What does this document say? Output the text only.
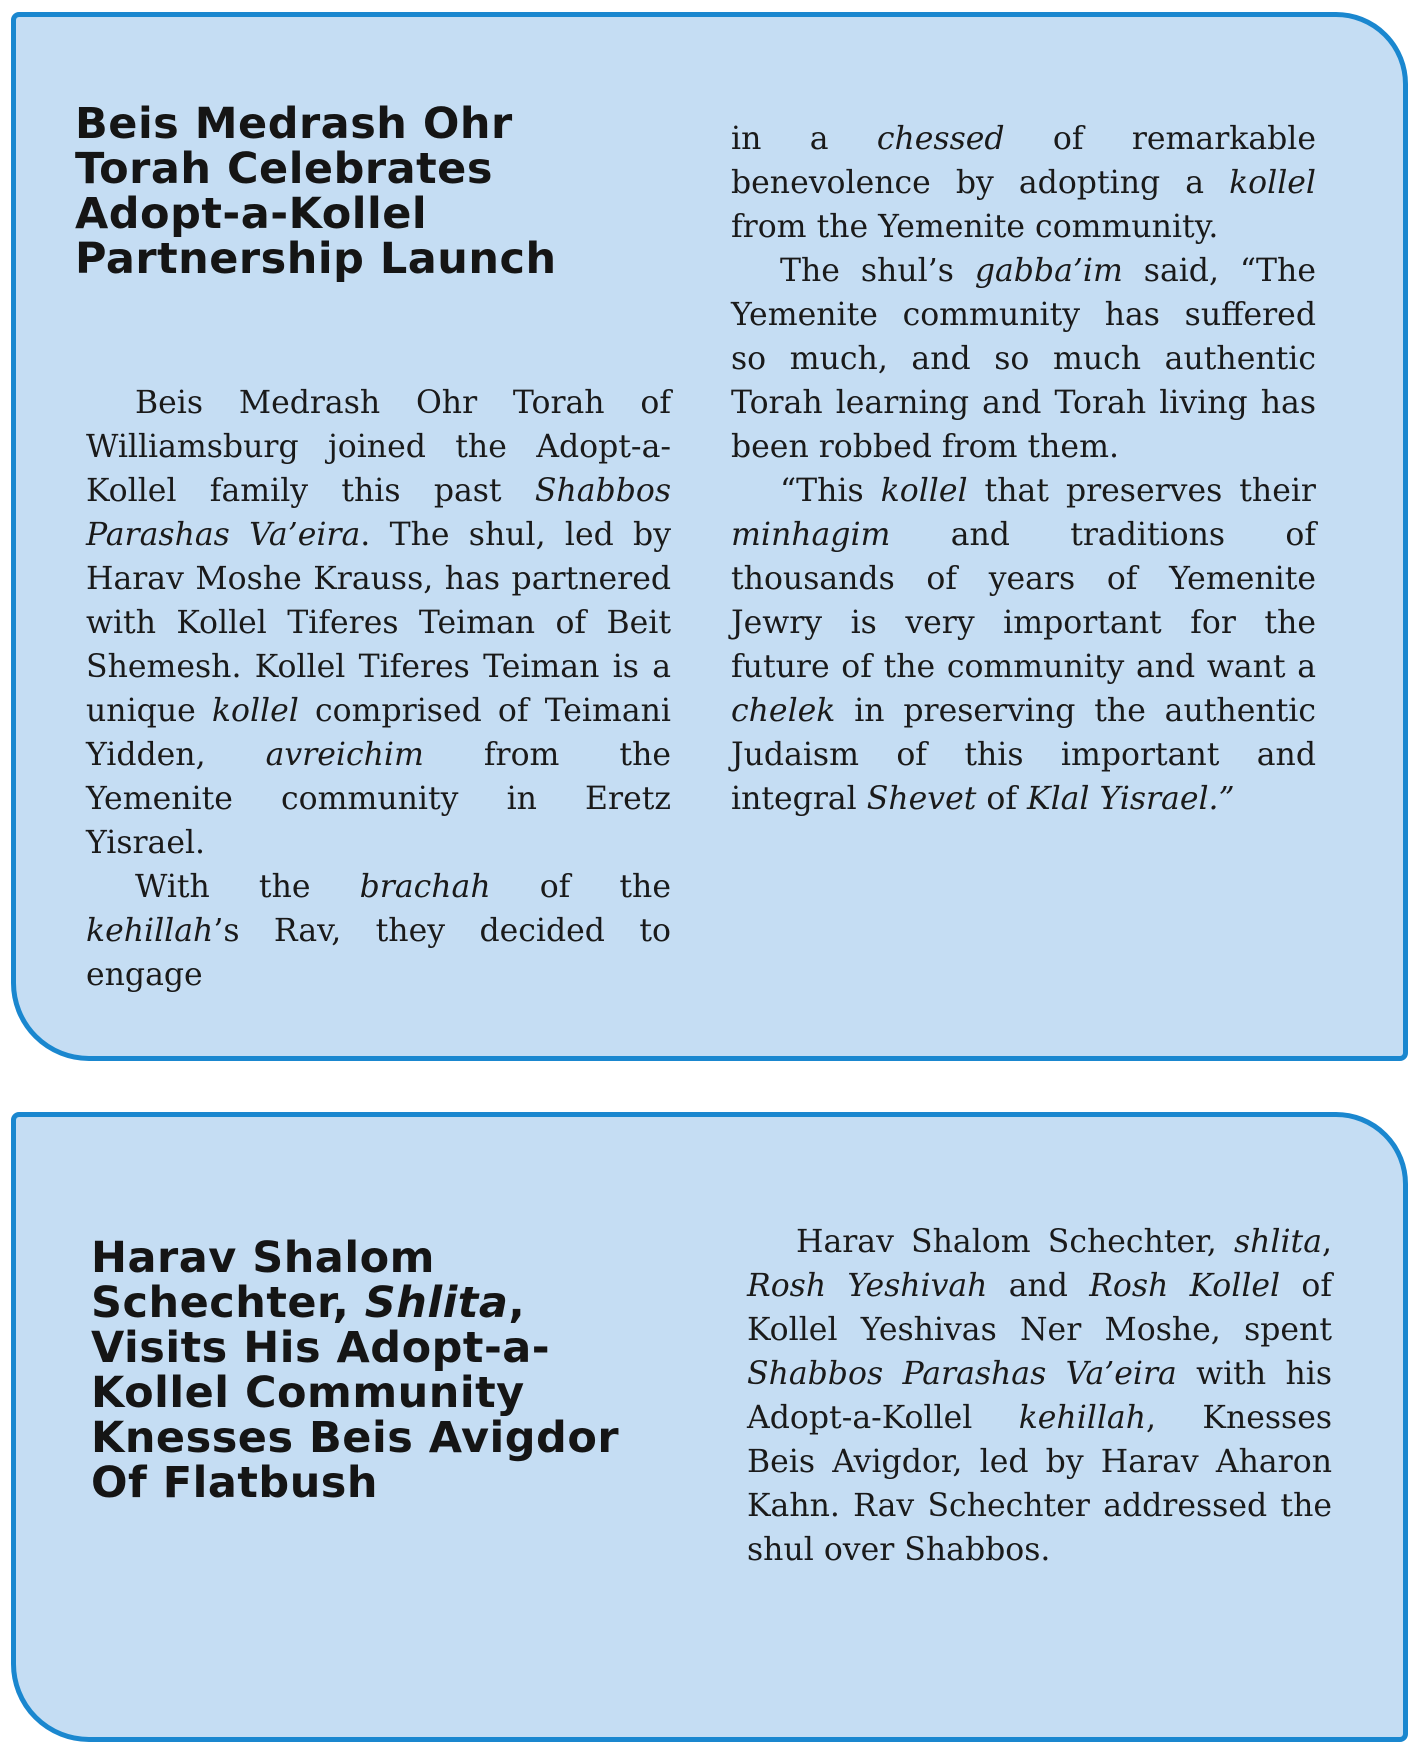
Beis Medrash Ohr
Torah Celebrates
Adopt-a-Kollel
Partnership Launch

Beis Medrash Ohr Torah of Williamsburg joined the Adopt-a-Kollel family this past Shabbos Parashas Va’eira. The shul, led by Harav Moshe Krauss, has partnered with Kollel Tiferes Teiman of Beit Shemesh. Kollel Tiferes Teiman is a unique kollel comprised of Teimani Yidden, avreichim from the Yemenite community in Eretz Yisrael.

With the brachah of the kehillah’s Rav, they decided to engage

in a chessed of remarkable benevolence by adopting a kollel from the Yemenite community.

The shul’s gabba’im said, “The Yemenite community has suffered so much, and so much authentic Torah learning and Torah living has been robbed from them.

“This kollel that preserves their minhagim and traditions of thousands of years of Yemenite Jewry is very important for the future of the community and want a chelek in preserving the authentic Judaism of this important and integral Shevet of Klal Yisrael.”

Harav Shalom
Schechter, Shlita,
Visits His Adopt-a-
Kollel Community
Knesses Beis Avigdor
Of Flatbush

Harav Shalom Schechter, shlita, Rosh Yeshivah and Rosh Kollel of Kollel Yeshivas Ner Moshe, spent Shabbos Parashas Va’eira with his Adopt-a-Kollel kehillah, Knesses Beis Avigdor, led by Harav Aharon Kahn. Rav Schechter addressed the shul over Shabbos.
